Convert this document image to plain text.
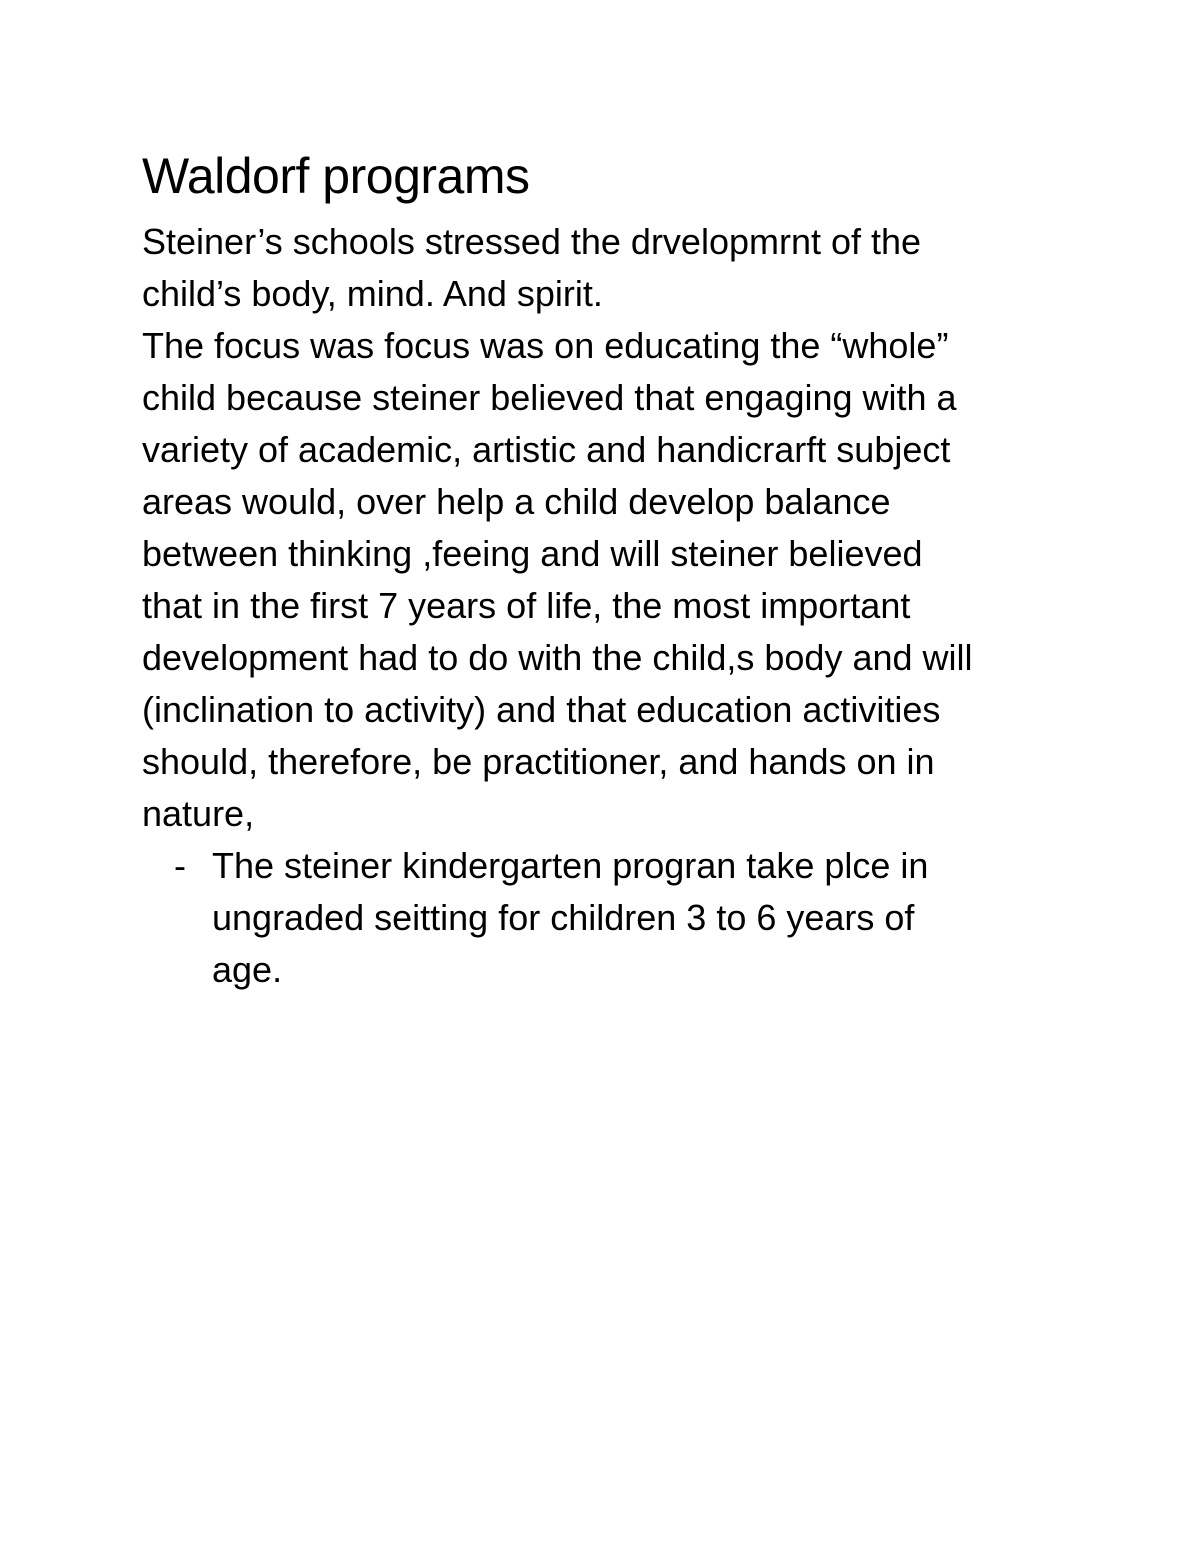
Waldorf programs
Steiner’s schools stressed the drvelopmrnt of the
child’s body, mind. And spirit.
The focus was focus was on educating the “whole”
child because steiner believed that engaging with a
variety of academic, artistic and handicrarft subject
areas would, over help a child develop balance
between thinking ,feeing and will steiner believed
that in the first 7 years of life, the most important
development had to do with the child,s body and will
(inclination to activity) and that education activities
should, therefore, be practitioner, and hands on in
nature,
- The steiner kindergarten progran take plce in
ungraded seitting for children 3 to 6 years of
age.
